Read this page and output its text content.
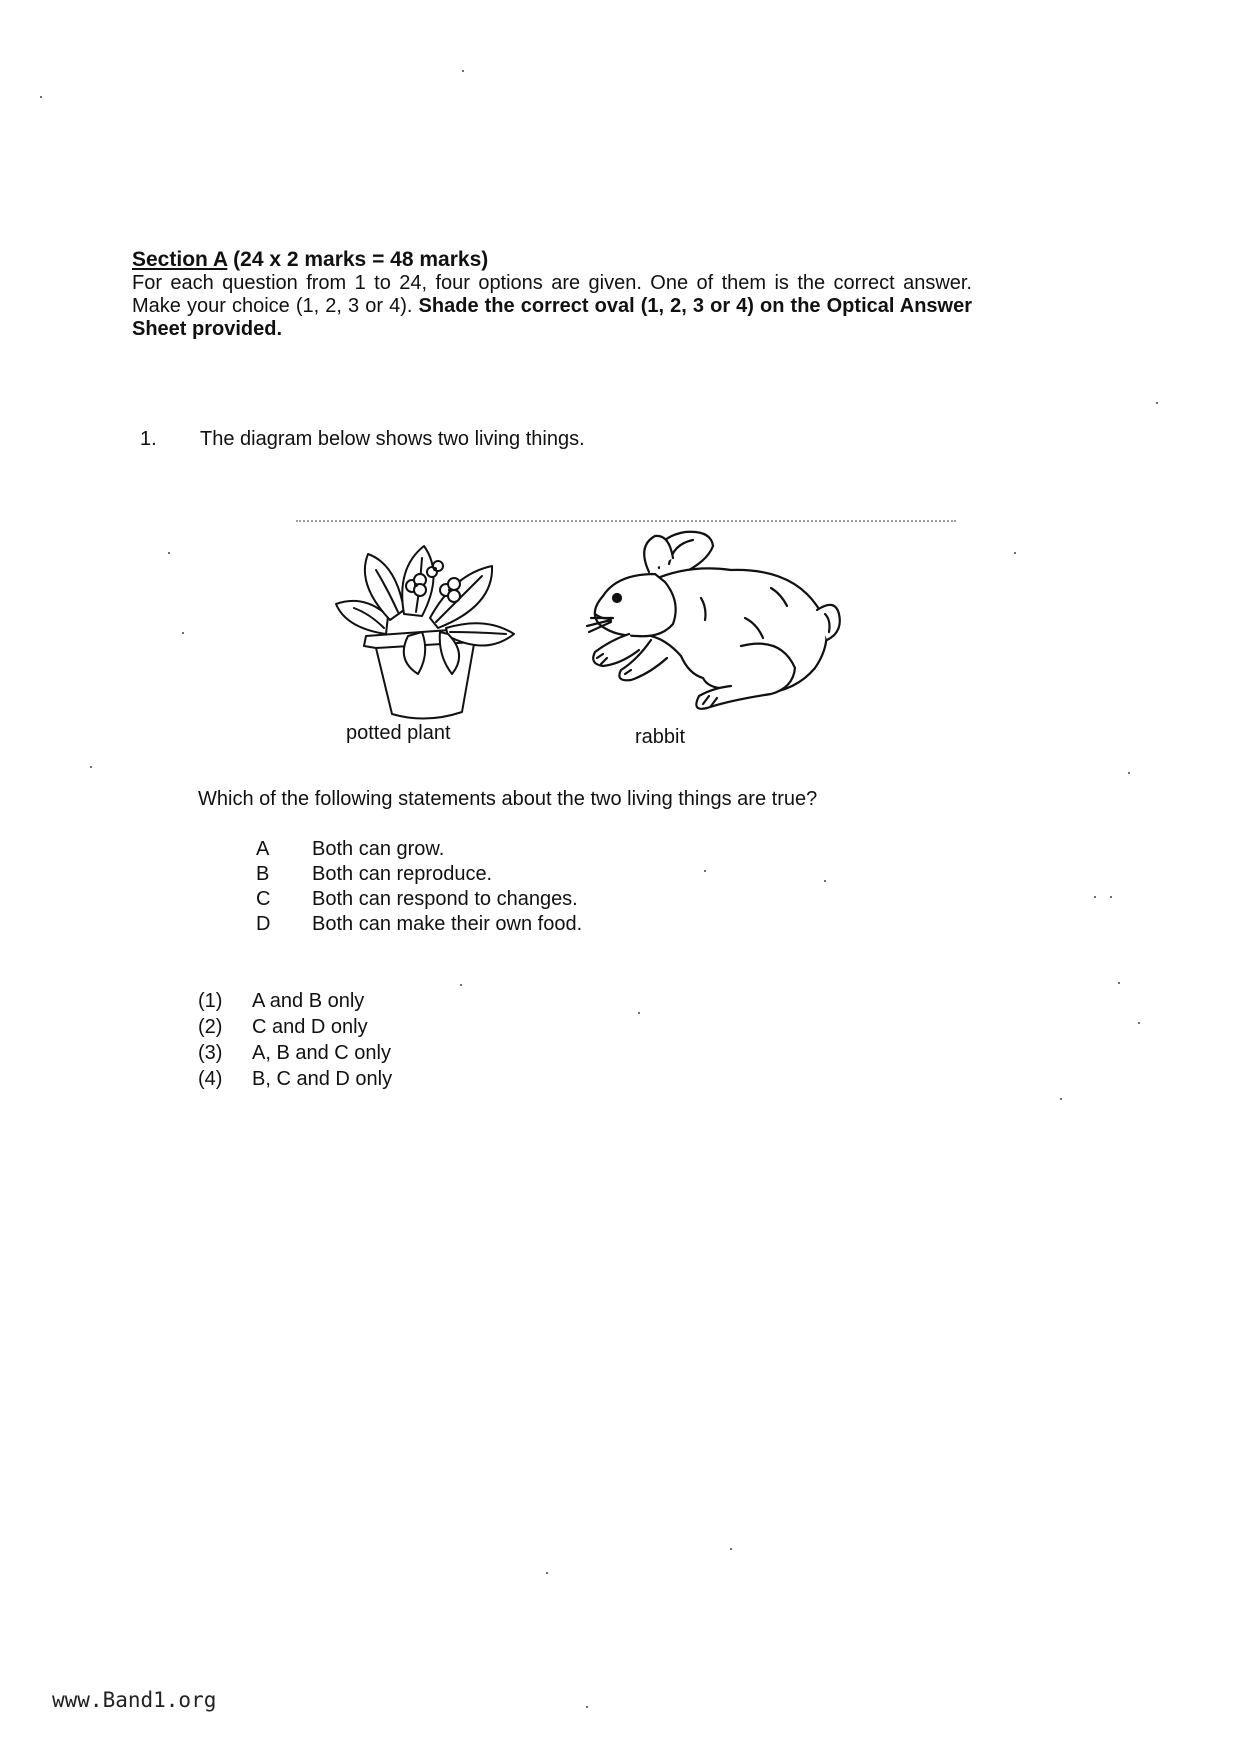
Section A (24 x 2 marks = 48 marks)
For each question from 1 to 24, four options are given. One of them is the correct answer. Make your choice (1, 2, 3 or 4). Shade the correct oval (1, 2, 3 or 4) on the Optical Answer Sheet provided.
1. The diagram below shows two living things.
potted plant	rabbit
Which of the following statements about the two living things are true?
A	Both can grow.
B	Both can reproduce.
C	Both can respond to changes.
D	Both can make their own food.
(1)	A and B only
(2)	C and D only
(3)	A, B and C only
(4)	B, C and D only
www.Band1.org
